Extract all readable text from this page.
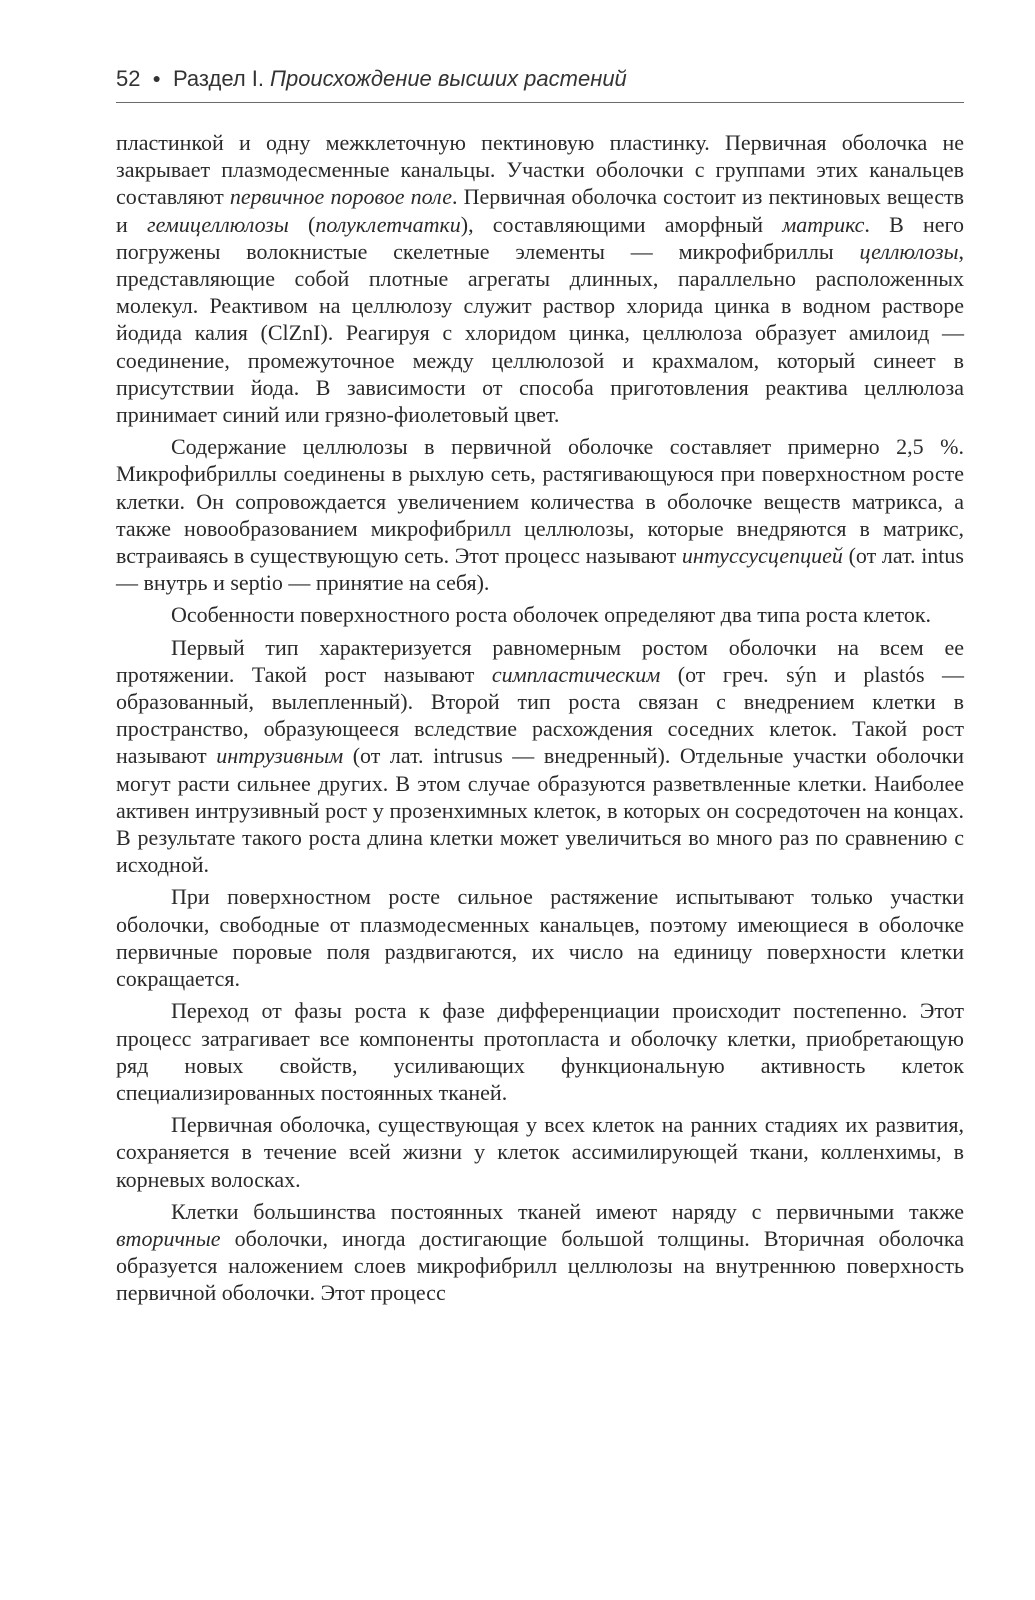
52 ● Раздел I. Происхождение высших растений

пластинкой и одну межклеточную пектиновую пластинку. Первичная оболочка не закрывает плазмодесменные канальцы. Участки оболочки с группами этих канальцев составляют первичное поровое поле. Первичная оболочка состоит из пектиновых веществ и гемицеллюлозы (полуклетчатки), составляющими аморфный матрикс. В него погружены волокнистые скелетные элементы — микрофибриллы целлюлозы, представляющие собой плотные агрегаты длинных, параллельно расположенных молекул. Реактивом на целлюлозу служит раствор хлорида цинка в водном растворе йодида калия (ClZnI). Реагируя с хлоридом цинка, целлюлоза образует амилоид — соединение, промежуточное между целлюлозой и крахмалом, который синеет в присутствии йода. В зависимости от способа приготовления реактива целлюлоза принимает синий или грязно-фиолетовый цвет.

Содержание целлюлозы в первичной оболочке составляет примерно 2,5 %. Микрофибриллы соединены в рыхлую сеть, растягивающуюся при поверхностном росте клетки. Он сопровождается увеличением количества в оболочке веществ матрикса, а также новообразованием микрофибрилл целлюлозы, которые внедряются в матрикс, встраиваясь в существующую сеть. Этот процесс называют интуссусцепцией (от лат. intus — внутрь и septio — принятие на себя).

Особенности поверхностного роста оболочек определяют два типа роста клеток.

Первый тип характеризуется равномерным ростом оболочки на всем ее протяжении. Такой рост называют симпластическим (от греч. sýn и plastós — образованный, вылепленный). Второй тип роста связан с внедрением клетки в пространство, образующееся вследствие расхождения соседних клеток. Такой рост называют интрузивным (от лат. intrusus — внедренный). Отдельные участки оболочки могут расти сильнее других. В этом случае образуются разветвленные клетки. Наиболее активен интрузивный рост у прозенхимных клеток, в которых он сосредоточен на концах. В результате такого роста длина клетки может увеличиться во много раз по сравнению с исходной.

При поверхностном росте сильное растяжение испытывают только участки оболочки, свободные от плазмодесменных канальцев, поэтому имеющиеся в оболочке первичные поровые поля раздвигаются, их число на единицу поверхности клетки сокращается.

Переход от фазы роста к фазе дифференциации происходит постепенно. Этот процесс затрагивает все компоненты протопласта и оболочку клетки, приобретающую ряд новых свойств, усиливающих функциональную активность клеток специализированных постоянных тканей.

Первичная оболочка, существующая у всех клеток на ранних стадиях их развития, сохраняется в течение всей жизни у клеток ассимилирующей ткани, колленхимы, в корневых волосках.

Клетки большинства постоянных тканей имеют наряду с первичными также вторичные оболочки, иногда достигающие большой толщины. Вторичная оболочка образуется наложением слоев микрофибрилл целлюлозы на внутреннюю поверхность первичной оболочки. Этот процесс
